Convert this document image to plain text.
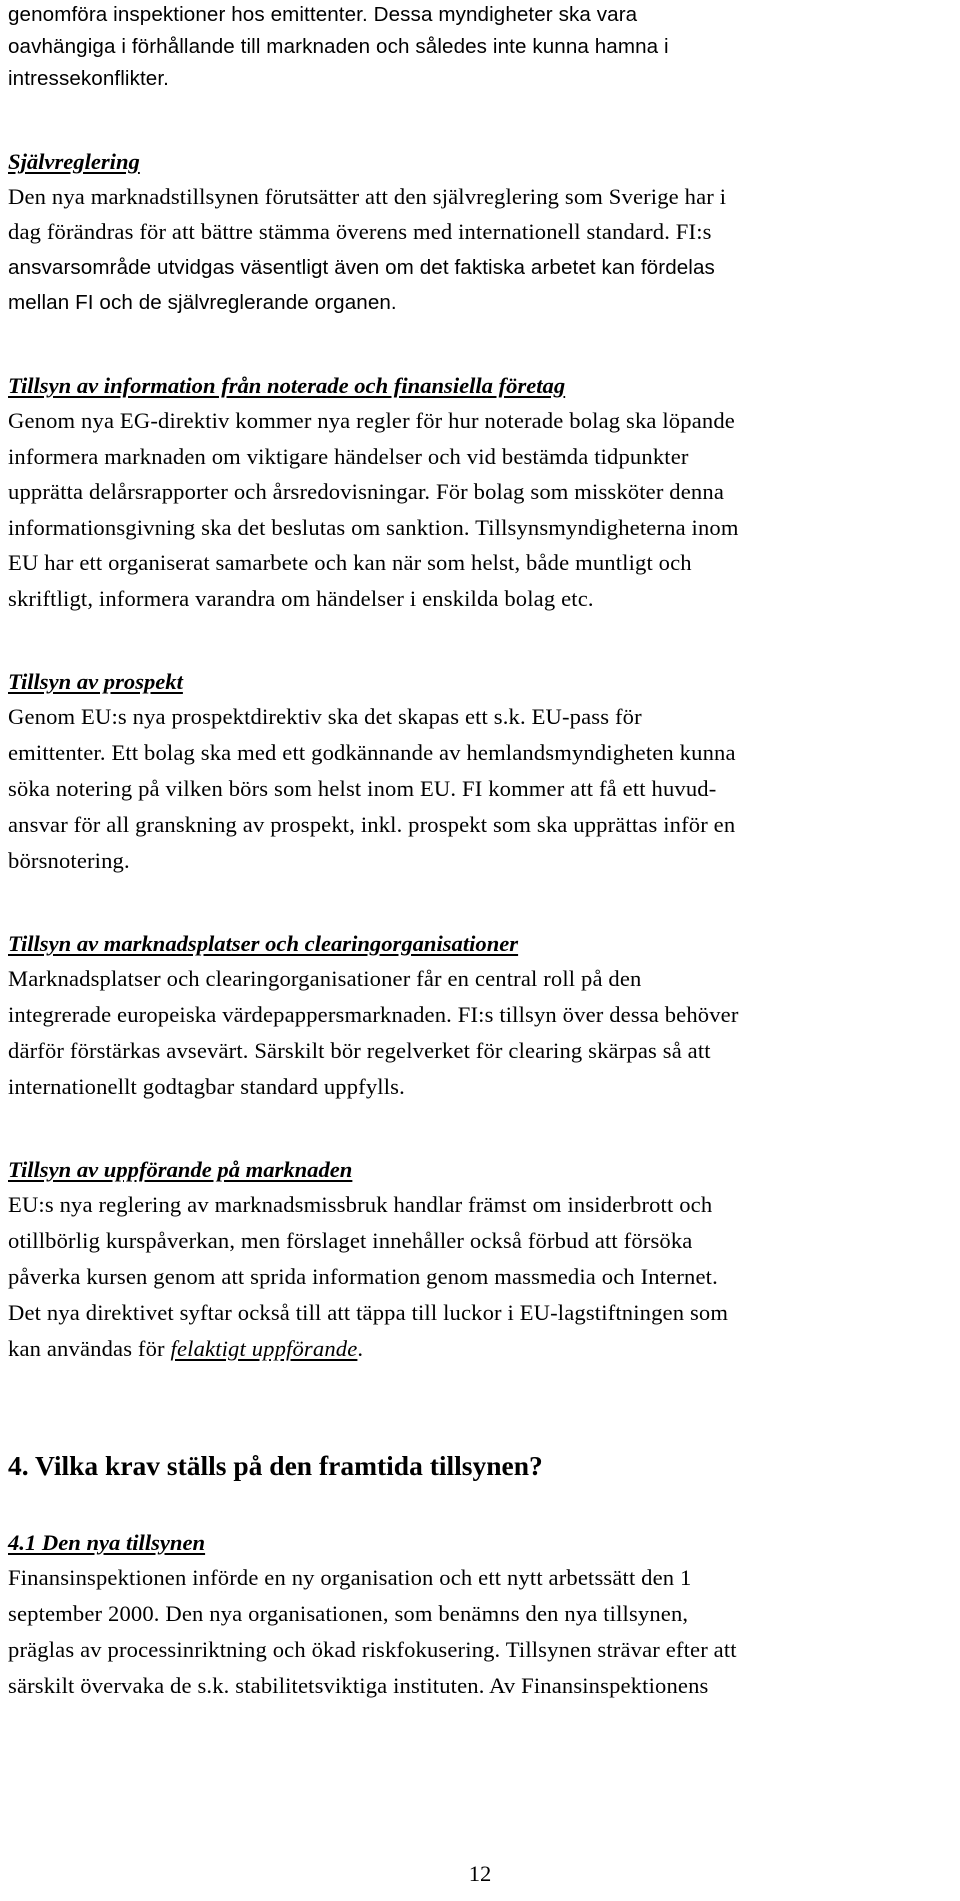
genomföra inspektioner hos emittenter. Dessa myndigheter ska vara

oavhängiga i förhållande till marknaden och således inte kunna hamna i

intressekonflikter.

Självreglering

Den nya marknadstillsynen förutsätter att den självreglering som Sverige har i

dag förändras för att bättre stämma överens med internationell standard. FI:s

ansvarsområde utvidgas väsentligt även om det faktiska arbetet kan fördelas

mellan FI och de självreglerande organen.

Tillsyn av information från noterade och finansiella företag

Genom nya EG-direktiv kommer nya regler för hur noterade bolag ska löpande

informera marknaden om viktigare händelser och vid bestämda tidpunkter

upprätta delårsrapporter och årsredovisningar. För bolag som missköter denna

informationsgivning ska det beslutas om sanktion. Tillsynsmyndigheterna inom

EU har ett organiserat samarbete och kan när som helst, både muntligt och

skriftligt, informera varandra om händelser i enskilda bolag etc.

Tillsyn av prospekt

Genom EU:s nya prospektdirektiv ska det skapas ett s.k. EU-pass för

emittenter. Ett bolag ska med ett godkännande av hemlandsmyndigheten kunna

söka notering på vilken börs som helst inom EU. FI kommer att få ett huvud-

ansvar för all granskning av prospekt, inkl. prospekt som ska upprättas inför en

börsnotering.

Tillsyn av marknadsplatser och clearingorganisationer

Marknadsplatser och clearingorganisationer får en central roll på den

integrerade europeiska värdepappersmarknaden. FI:s tillsyn över dessa behöver

därför förstärkas avsevärt. Särskilt bör regelverket för clearing skärpas så att

internationellt godtagbar standard uppfylls.

Tillsyn av uppförande på marknaden

EU:s nya reglering av marknadsmissbruk handlar främst om insiderbrott och

otillbörlig kurspåverkan, men förslaget innehåller också förbud att försöka

påverka kursen genom att sprida information genom massmedia och Internet.

Det nya direktivet syftar också till att täppa till luckor i EU-lagstiftningen som

kan användas för felaktigt uppförande.

4. Vilka krav ställs på den framtida tillsynen?

4.1 Den nya tillsynen

Finansinspektionen införde en ny organisation och ett nytt arbetssätt den 1

september 2000. Den nya organisationen, som benämns den nya tillsynen,

präglas av processinriktning och ökad riskfokusering. Tillsynen strävar efter att

särskilt övervaka de s.k. stabilitetsviktiga instituten. Av Finansinspektionens

12
